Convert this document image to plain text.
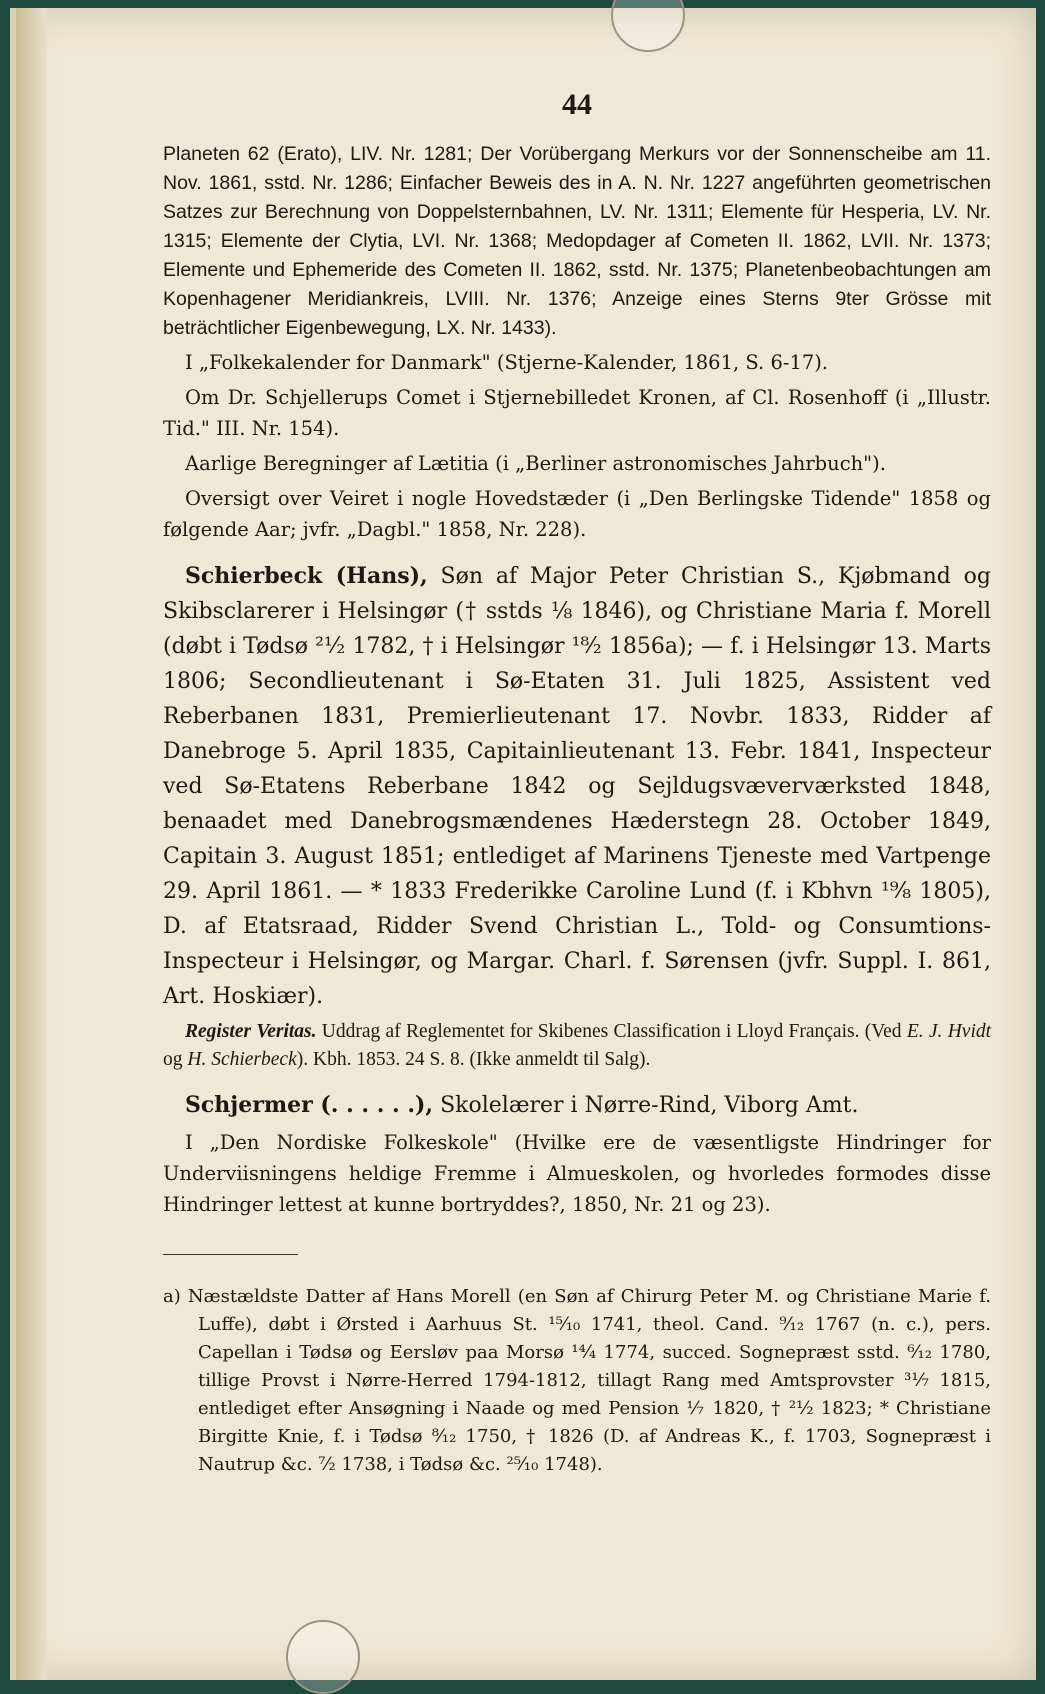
44

Planeten 62 (Erato), LIV. Nr. 1281; Der Vorübergang Merkurs vor der Sonnenscheibe am 11. Nov. 1861, sstd. Nr. 1286; Einfacher Beweis des in A. N. Nr. 1227 angeführten geometrischen Satzes zur Berechnung von Doppelsternbahnen, LV. Nr. 1311; Elemente für Hesperia, LV. Nr. 1315; Elemente der Clytia, LVI. Nr. 1368; Medopdager af Cometen II. 1862, LVII. Nr. 1373; Elemente und Ephemeride des Cometen II. 1862, sstd. Nr. 1375; Planetenbeobachtungen am Kopenhagener Meridiankreis, LVIII. Nr. 1376; Anzeige eines Sterns 9ter Grösse mit beträchtlicher Eigenbewegung, LX. Nr. 1433).

I „Folkekalender for Danmark" (Stjerne-Kalender, 1861, S. 6-17).

Om Dr. Schjellerups Comet i Stjernebilledet Kronen, af Cl. Rosenhoff (i „Illustr. Tid." III. Nr. 154).

Aarlige Beregninger af Lætitia (i „Berliner astronomisches Jahrbuch").

Oversigt over Veiret i nogle Hovedstæder (i „Den Berlingske Tidende" 1858 og følgende Aar; jvfr. „Dagbl." 1858, Nr. 228).

Schierbeck (Hans), Søn af Major Peter Christian S., Kjøbmand og Skibsclarerer i Helsingør († sstds ⅛ 1846), og Christiane Maria f. Morell (døbt i Tødsø ²¹⁄₂ 1782, † i Helsingør ¹⁸⁄₂ 1856a); — f. i Helsingør 13. Marts 1806; Secondlieutenant i Sø-Etaten 31. Juli 1825, Assistent ved Reberbanen 1831, Premierlieutenant 17. Novbr. 1833, Ridder af Danebroge 5. April 1835, Capitainlieutenant 13. Febr. 1841, Inspecteur ved Sø-Etatens Reberbane 1842 og Sejldugsvæverværksted 1848, benaadet med Danebrogsmændenes Hæderstegn 28. October 1849, Capitain 3. August 1851; entlediget af Marinens Tjeneste med Vartpenge 29. April 1861. — * 1833 Frederikke Caroline Lund (f. i Kbhvn ¹⁹⁄₈ 1805), D. af Etatsraad, Ridder Svend Christian L., Told- og Consumtions-Inspecteur i Helsingør, og Margar. Charl. f. Sørensen (jvfr. Suppl. I. 861, Art. Hoskiær).

Register Veritas. Uddrag af Reglementet for Skibenes Classification i Lloyd Français. (Ved E. J. Hvidt og H. Schierbeck). Kbh. 1853. 24 S. 8. (Ikke anmeldt til Salg).

Schjermer (. . . . . .), Skolelærer i Nørre-Rind, Viborg Amt.

I „Den Nordiske Folkeskole" (Hvilke ere de væsentligste Hindringer for Underviisningens heldige Fremme i Almueskolen, og hvorledes formodes disse Hindringer lettest at kunne bortryddes?, 1850, Nr. 21 og 23).

a) Næstældste Datter af Hans Morell (en Søn af Chirurg Peter M. og Christiane Marie f. Luffe), døbt i Ørsted i Aarhuus St. ¹⁵⁄₁₀ 1741, theol. Cand. ⁹⁄₁₂ 1767 (n. c.), pers. Capellan i Tødsø og Eersløv paa Morsø ¹⁴⁄₄ 1774, succed. Sognepræst sstd. ⁶⁄₁₂ 1780, tillige Provst i Nørre-Herred 1794-1812, tillagt Rang med Amtsprovster ³¹⁄₇ 1815, entlediget efter Ansøgning i Naade og med Pension ⅐ 1820, † ²¹⁄₂ 1823; * Christiane Birgitte Knie, f. i Tødsø ⁸⁄₁₂ 1750, † 1826 (D. af Andreas K., f. 1703, Sognepræst i Nautrup &c. ⁷⁄₂ 1738, i Tødsø &c. ²⁵⁄₁₀ 1748).
